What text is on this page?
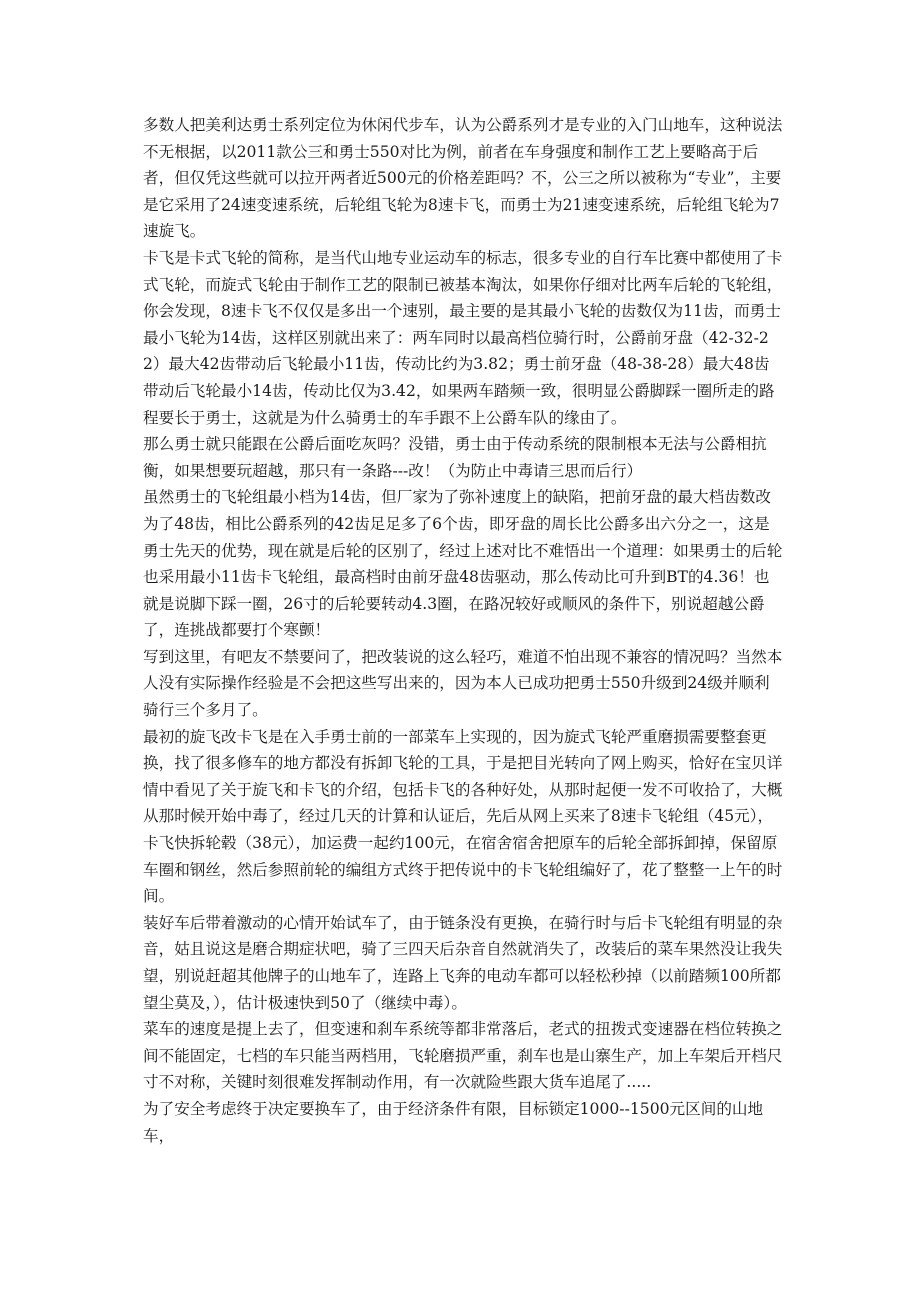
多数人把美利达勇士系列定位为休闲代步车，认为公爵系列才是专业的入门山地车，这种说法不无根据，以2011款公三和勇士550对比为例，前者在车身强度和制作工艺上要略高于后者，但仅凭这些就可以拉开两者近500元的价格差距吗？不，公三之所以被称为“专业”，主要是它采用了24速变速系统，后轮组飞轮为8速卡飞，而勇士为21速变速系统，后轮组飞轮为7速旋飞。

卡飞是卡式飞轮的简称，是当代山地专业运动车的标志，很多专业的自行车比赛中都使用了卡式飞轮，而旋式飞轮由于制作工艺的限制已被基本淘汰，如果你仔细对比两车后轮的飞轮组，你会发现，8速卡飞不仅仅是多出一个速别，最主要的是其最小飞轮的齿数仅为11齿，而勇士最小飞轮为14齿，这样区别就出来了：两车同时以最高档位骑行时，公爵前牙盘（42-32-22）最大42齿带动后飞轮最小11齿，传动比约为3.82；勇士前牙盘（48-38-28）最大48齿带动后飞轮最小14齿，传动比仅为3.42，如果两车踏频一致，很明显公爵脚踩一圈所走的路程要长于勇士，这就是为什么骑勇士的车手跟不上公爵车队的缘由了。

那么勇士就只能跟在公爵后面吃灰吗？没错，勇士由于传动系统的限制根本无法与公爵相抗衡，如果想要玩超越，那只有一条路---改！（为防止中毒请三思而后行）

虽然勇士的飞轮组最小档为14齿，但厂家为了弥补速度上的缺陷，把前牙盘的最大档齿数改为了48齿，相比公爵系列的42齿足足多了6个齿，即牙盘的周长比公爵多出六分之一，这是勇士先天的优势，现在就是后轮的区别了，经过上述对比不难悟出一个道理：如果勇士的后轮也采用最小11齿卡飞轮组，最高档时由前牙盘48齿驱动，那么传动比可升到BT的4.36！也就是说脚下踩一圈，26寸的后轮要转动4.3圈，在路况较好或顺风的条件下，别说超越公爵了，连挑战都要打个寒颤！

写到这里，有吧友不禁要问了，把改装说的这么轻巧，难道不怕出现不兼容的情况吗？当然本人没有实际操作经验是不会把这些写出来的，因为本人已成功把勇士550升级到24级并顺利骑行三个多月了。

最初的旋飞改卡飞是在入手勇士前的一部菜车上实现的，因为旋式飞轮严重磨损需要整套更换，找了很多修车的地方都没有拆卸飞轮的工具，于是把目光转向了网上购买，恰好在宝贝详情中看见了关于旋飞和卡飞的介绍，包括卡飞的各种好处，从那时起便一发不可收拾了，大概从那时候开始中毒了，经过几天的计算和认证后，先后从网上买来了8速卡飞轮组（45元），卡飞快拆轮毂（38元），加运费一起约100元，在宿舍宿舍把原车的后轮全部拆卸掉，保留原车圈和钢丝，然后参照前轮的编组方式终于把传说中的卡飞轮组编好了，花了整整一上午的时间。

装好车后带着激动的心情开始试车了，由于链条没有更换，在骑行时与后卡飞轮组有明显的杂音，姑且说这是磨合期症状吧，骑了三四天后杂音自然就消失了，改装后的菜车果然没让我失望，别说赶超其他牌子的山地车了，连路上飞奔的电动车都可以轻松秒掉（以前踏频100所都望尘莫及，），估计极速快到50了（继续中毒）。

菜车的速度是提上去了，但变速和刹车系统等都非常落后，老式的扭拨式变速器在档位转换之间不能固定，七档的车只能当两档用，飞轮磨损严重，刹车也是山寨生产，加上车架后开档尺寸不对称，关键时刻很难发挥制动作用，有一次就险些跟大货车追尾了.....

为了安全考虑终于决定要换车了，由于经济条件有限，目标锁定1000--1500元区间的山地车，
